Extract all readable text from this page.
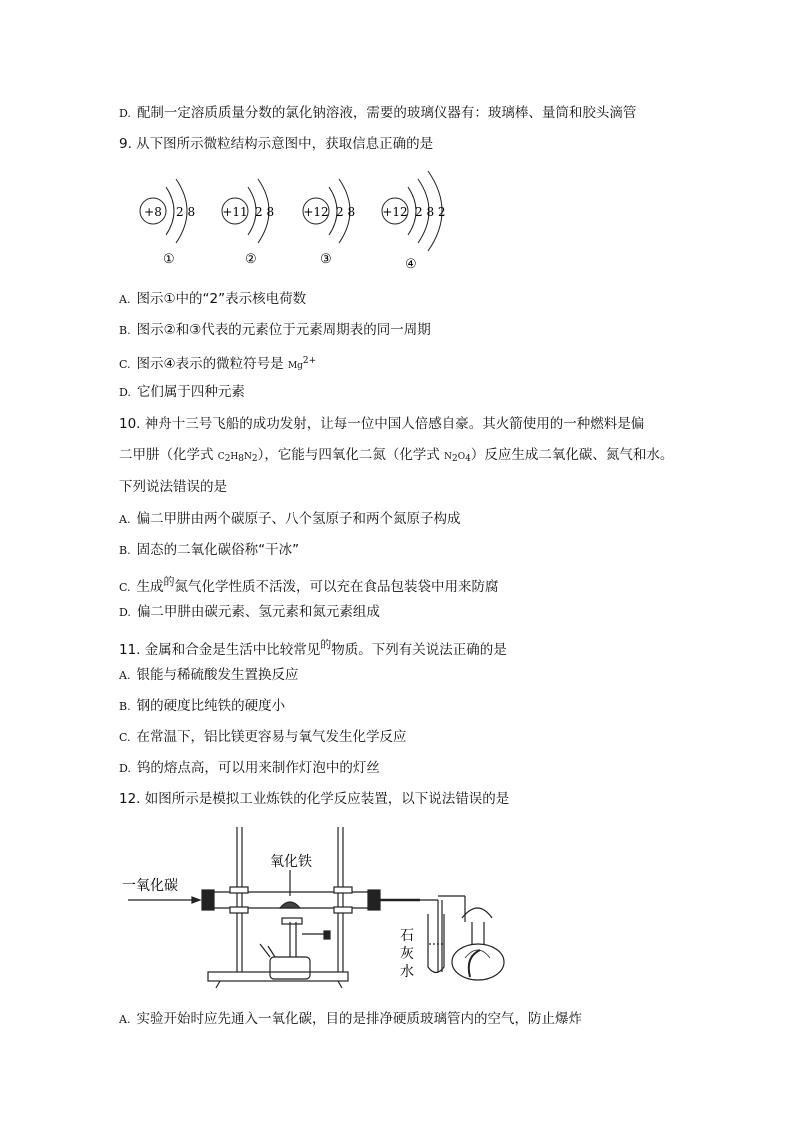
D. 配制一定溶质质量分数的氯化钠溶液，需要的玻璃仪器有：玻璃棒、量筒和胶头滴管
9. 从下图所示微粒结构示意图中，获取信息正确的是
+8 2 8
①
+11 2 8
②
+12 2 8
③
+12 2 8 2
④
A. 图示①中的“2”表示核电荷数
B. 图示②和③代表的元素位于元素周期表的同一周期
C. 图示④表示的微粒符号是 $Mg^{2+}$
D. 它们属于四种元素
10. 神舟十三号飞船的成功发射，让每一位中国人倍感自豪。其火箭使用的一种燃料是偏
二甲肼（化学式 $C_2H_8N_2$），它能与四氧化二氮（化学式 $N_2O_4$）反应生成二氧化碳、氮气和水。
下列说法错误的是
A. 偏二甲肼由两个碳原子、八个氢原子和两个氮原子构成
B. 固态的二氧化碳俗称“干冰”
C. 生成$^的$氮气化学性质不活泼，可以充在食品包装袋中用来防腐
D. 偏二甲肼由碳元素、氢元素和氮元素组成
11. 金属和合金是生活中比较常见$^的$物质。下列有关说法正确的是
A. 银能与稀硫酸发生置换反应
B. 钢的硬度比纯铁的硬度小
C. 在常温下，铝比镁更容易与氧气发生化学反应
D. 钨的熔点高，可以用来制作灯泡中的灯丝
12. 如图所示是模拟工业炼铁的化学反应装置，以下说法错误的是
一氧化碳
氧化铁
石
灰
水
A. 实验开始时应先通入一氧化碳，目的是排净硬质玻璃管内的空气，防止爆炸
